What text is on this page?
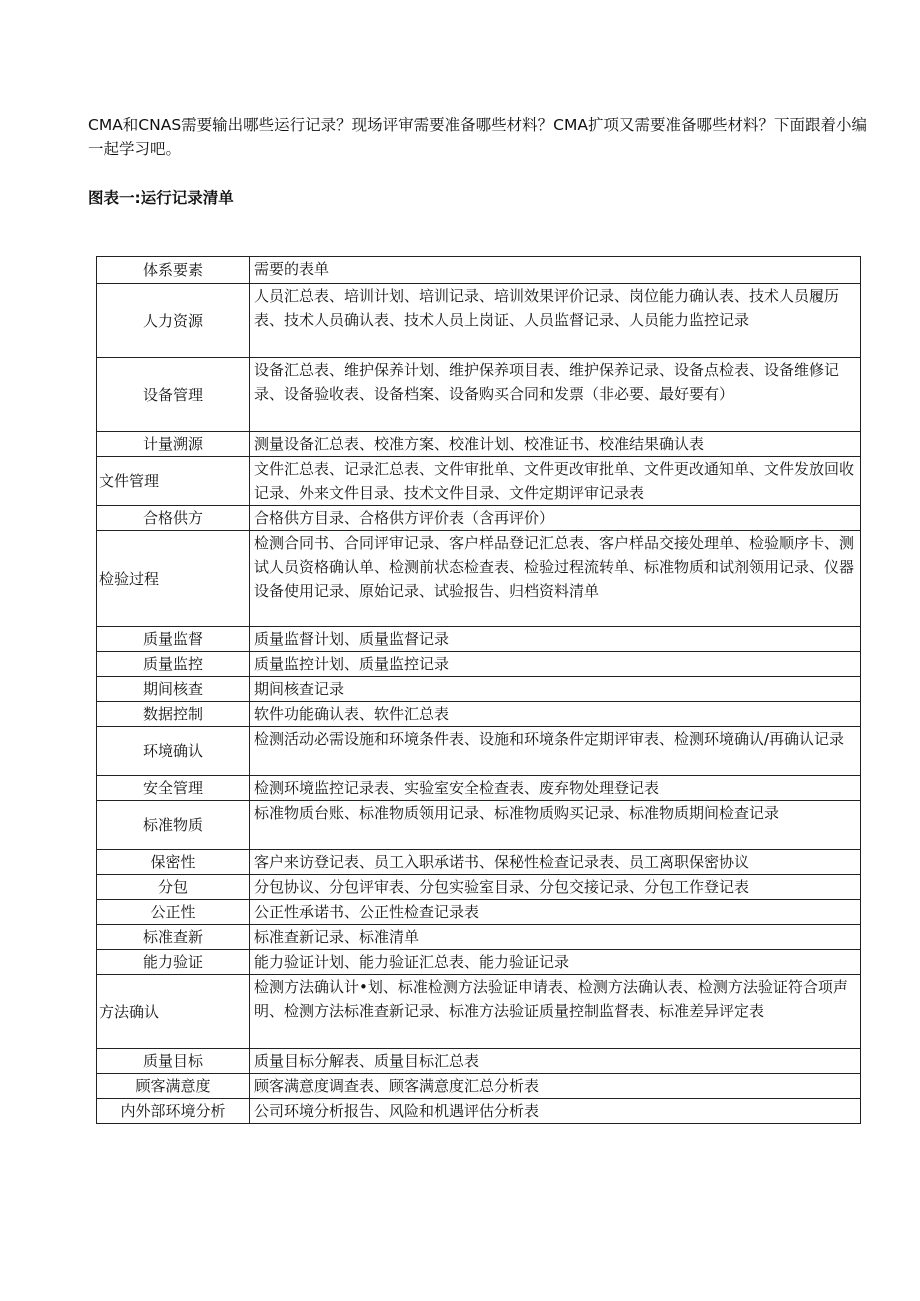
CMA和CNAS需要输出哪些运行记录？现场评审需要准备哪些材料？CMA扩项又需要准备哪些材料？下面跟着小编一起学习吧。

图表一:运行记录清单

体系要素	需要的表单
人力资源	人员汇总表、培训计划、培训记录、培训效果评价记录、岗位能力确认表、技术人员履历表、技术人员确认表、技术人员上岗证、人员监督记录、人员能力监控记录
设备管理	设备汇总表、维护保养计划、维护保养项目表、维护保养记录、设备点检表、设备维修记录、设备验收表、设备档案、设备购买合同和发票（非必要、最好要有）
计量溯源	测量设备汇总表、校准方案、校准计划、校准证书、校准结果确认表
文件管理	文件汇总表、记录汇总表、文件审批单、文件更改审批单、文件更改通知单、文件发放回收记录、外来文件目录、技术文件目录、文件定期评审记录表
合格供方	合格供方目录、合格供方评价表（含再评价）
检验过程	检测合同书、合同评审记录、客户样品登记汇总表、客户样品交接处理单、检验顺序卡、测试人员资格确认单、检测前状态检查表、检验过程流转单、标准物质和试剂领用记录、仪器设备使用记录、原始记录、试验报告、归档资料清单
质量监督	质量监督计划、质量监督记录
质量监控	质量监控计划、质量监控记录
期间核查	期间核查记录
数据控制	软件功能确认表、软件汇总表
环境确认	检测活动必需设施和环境条件表、设施和环境条件定期评审表、检测环境确认/再确认记录
安全管理	检测环境监控记录表、实验室安全检查表、废弃物处理登记表
标准物质	标准物质台账、标准物质领用记录、标准物质购买记录、标准物质期间检查记录
保密性	客户来访登记表、员工入职承诺书、保秘性检查记录表、员工离职保密协议
分包	分包协议、分包评审表、分包实验室目录、分包交接记录、分包工作登记表
公正性	公正性承诺书、公正性检查记录表
标准查新	标准查新记录、标准清单
能力验证	能力验证计划、能力验证汇总表、能力验证记录
方法确认	检测方法确认计•划、标准检测方法验证申请表、检测方法确认表、检测方法验证符合项声明、检测方法标准查新记录、标准方法验证质量控制监督表、标准差异评定表
质量目标	质量目标分解表、质量目标汇总表
顾客满意度	顾客满意度调查表、顾客满意度汇总分析表
内外部环境分析	公司环境分析报告、风险和机遇评估分析表
